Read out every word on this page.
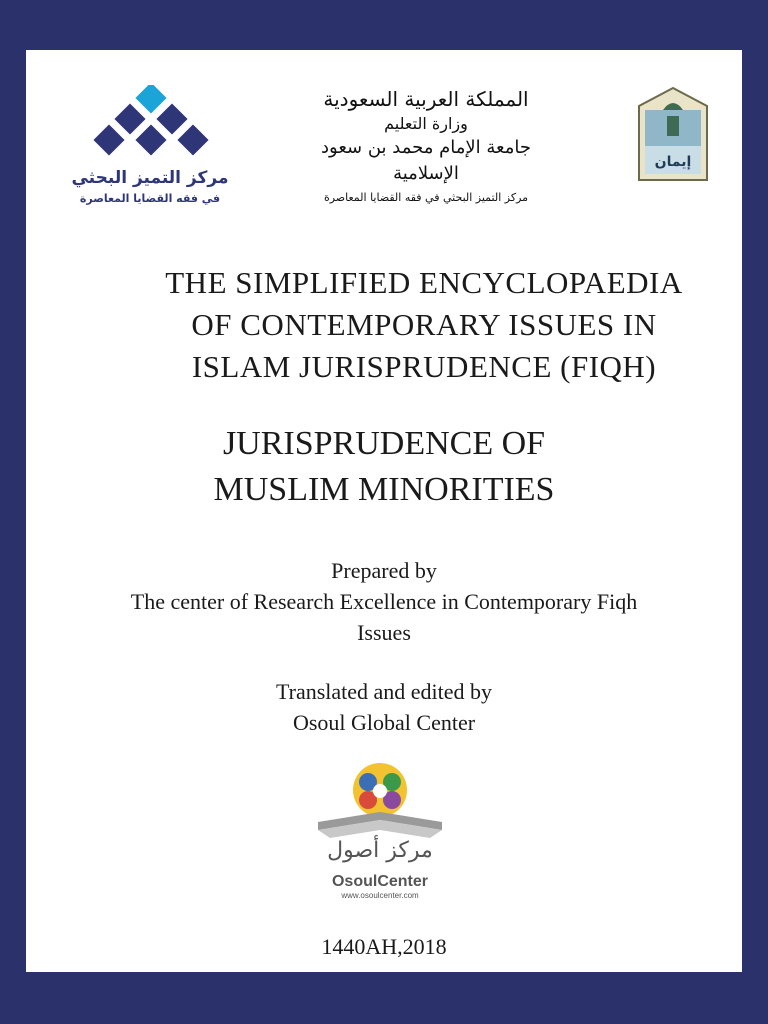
مركز التميز البحثي
في فقه القضايا المعاصرة
المملكة العربية السعودية
وزارة التعليم
جامعة الإمام محمد بن سعود الإسلامية
مركز التميز البحثي في فقه القضايا المعاصرة
إيمان
THE SIMPLIFIED ENCYCLOPAEDIA
OF CONTEMPORARY ISSUES IN
ISLAM JURISPRUDENCE (FIQH)
JURISPRUDENCE OF
MUSLIM MINORITIES
Prepared by
The center of Research Excellence in Contemporary Fiqh
Issues
Translated and edited by
Osoul Global Center
مركز أصول
OsoulCenter
www.osoulcenter.com
1440AH,2018
